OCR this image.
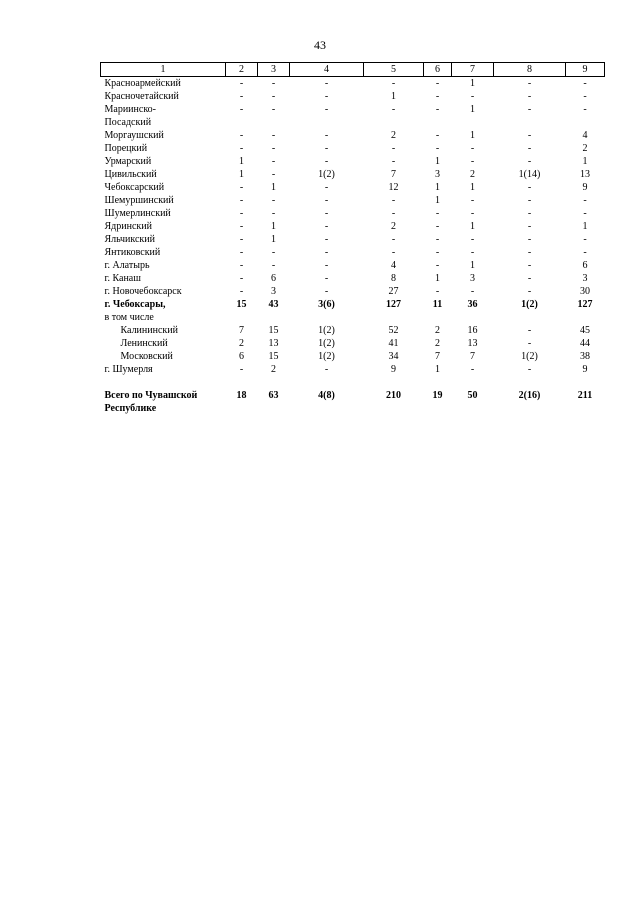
43
1	2	3	4	5	6	7	8	9
Красноармейский	-	-	-	-	-	1	-	-
Красночетайский	-	-	-	1	-	-	-	-
Мариинско-	-	-	-	-	-	1	-	-
Посадский								
Моргаушский	-	-	-	2	-	1	-	4
Порецкий	-	-	-	-	-	-	-	2
Урмарский	1	-	-	-	1	-	-	1
Цивильский	1	-	1(2)	7	3	2	1(14)	13
Чебоксарский	-	1	-	12	1	1	-	9
Шемуршинский	-	-	-	-	1	-	-	-
Шумерлинский	-	-	-	-	-	-	-	-
Ядринский	-	1	-	2	-	1	-	1
Яльчикский	-	1	-	-	-	-	-	-
Янтиковский	-	-	-	-	-	-	-	-
г. Алатырь	-	-	-	4	-	1	-	6
г. Канаш	-	6	-	8	1	3	-	3
г. Новочебоксарск	-	3	-	27	-	-	-	30
г. Чебоксары,	15	43	3(6)	127	11	36	1(2)	127
в том числе								
Калининский	7	15	1(2)	52	2	16	-	45
Ленинский	2	13	1(2)	41	2	13	-	44
Московский	6	15	1(2)	34	7	7	1(2)	38
г. Шумерля	-	2	-	9	1	-	-	9

Всего по Чувашской	18	63	4(8)	210	19	50	2(16)	211
Республике								
